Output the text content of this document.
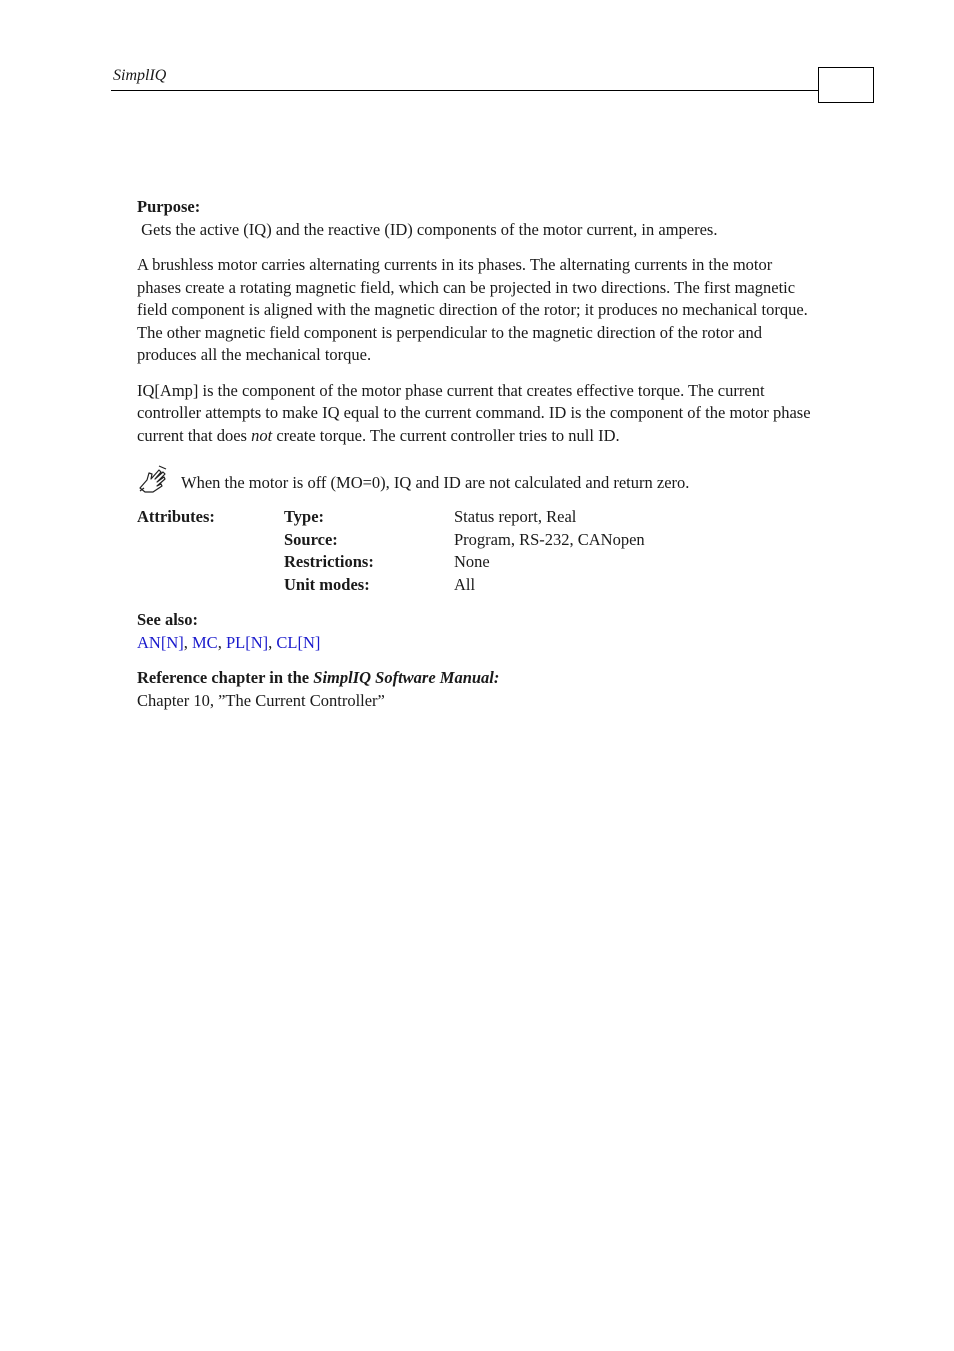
SimplIQ
Purpose:

Gets the active (IQ) and the reactive (ID) components of the motor current, in amperes.

A brushless motor carries alternating currents in its phases. The alternating currents in the motor phases create a rotating magnetic field, which can be projected in two directions. The first magnetic field component is aligned with the magnetic direction of the rotor; it produces no mechanical torque. The other magnetic field component is perpendicular to the magnetic direction of the rotor and produces all the mechanical torque.

IQ[Amp] is the component of the motor phase current that creates effective torque. The current controller attempts to make IQ equal to the current command. ID is the component of the motor phase current that does not create torque. The current controller tries to null ID.

When the motor is off (MO=0), IQ and ID are not calculated and return zero.
Attributes:	Type:	Status report, Real
	Source:	Program, RS-232, CANopen
	Restrictions:	None
	Unit modes:	All
See also:
AN[N], MC, PL[N], CL[N]
Reference chapter in the SimplIQ Software Manual:
Chapter 10, ”The Current Controller”
